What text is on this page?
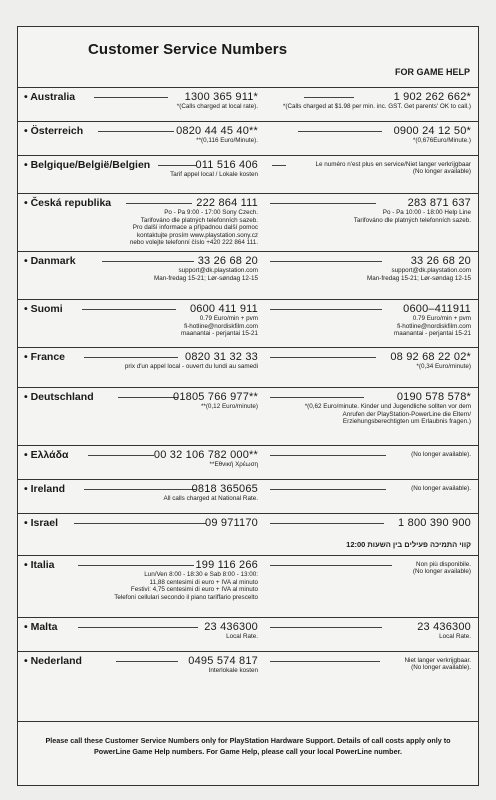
Customer Service Numbers
FOR GAME HELP
• Australia	1300 365 911*
*(Calls charged at local rate).
1 902 262 662*
*(Calls charged at $1.98 per min. inc. GST. Get parents' OK to call.)
• Österreich	0820 44 45 40**
**(0,116 Euro/Minute).
0900 24 12 50*
*(0,676Euro/Minute.)
• Belgique/België/Belgien	011 516 406
Tarif appel local / Lokale kosten
Le numéro n'est plus en service/Niet langer verkrijgbaar
(No longer available)
• Česká republika	222 864 111
Po - Pa 9:00 - 17:00 Sony Czech.
Tarifováno dle platných telefonních sazeb.
Pro další informace a případnou další pomoc
kontaktujte prosím www.playstation.sony.cz
nebo volejte telefonní číslo +420 222 864 111.
283 871 637
Po - Pa 10:00 - 18:00 Help Line
Tarifováno dle platných telefonních sazeb.
• Danmark	33 26 68 20
support@dk.playstation.com
Man-fredag 15-21; Lør-søndag 12-15
33 26 68 20
support@dk.playstation.com
Man-fredag 15-21; Lør-søndag 12-15
• Suomi	0600 411 911
0.79 Euro/min + pvm
fi-hotline@nordiskfilm.com
maanantai - perjantai 15-21
0600–411911
0.79 Euro/min + pvm
fi-hotline@nordiskfilm.com
maanantai - perjantai 15-21
• France	0820 31 32 33
prix d'un appel local - ouvert du lundi au samedi
08 92 68 22 02*
*(0,34 Euro/minute)
• Deutschland	01805 766 977**
**(0,12 Euro/minute)
0190 578 578*
*(0,62 Euro/minute. Kinder und Jugendliche sollten vor dem
Anrufen der PlayStation-PowerLine die Eltern/
Erziehungsberechtigten um Erlaubnis fragen.)
• Ελλάδα	00 32 106 782 000**
**Εθνική Χρέωση
(No longer available).
• Ireland	0818 365065
All calls charged at National Rate.
(No longer available).
• Israel	09 971170	1 800 390 900
קווי התמיכה פעילים בין השעות 12:00
• Italia	199 116 266
Lun/Ven 8:00 - 18:30 e Sab 8:00 - 13:00:
11,88 centesimi di euro + IVA al minuto
Festivi: 4,75 centesimi di euro + IVA al minuto
Telefoni cellulari secondo il piano tariffario prescelto
Non più disponibile.
(No longer available)
• Malta	23 436300
Local Rate.
23 436300
Local Rate.
• Nederland	0495 574 817
Interlokale kosten
Niet langer verkrijgbaar.
(No longer available).
Please call these Customer Service Numbers only for PlayStation Hardware Support. Details of call costs apply only to PowerLine Game Help numbers. For Game Help, please call your local PowerLine number.
